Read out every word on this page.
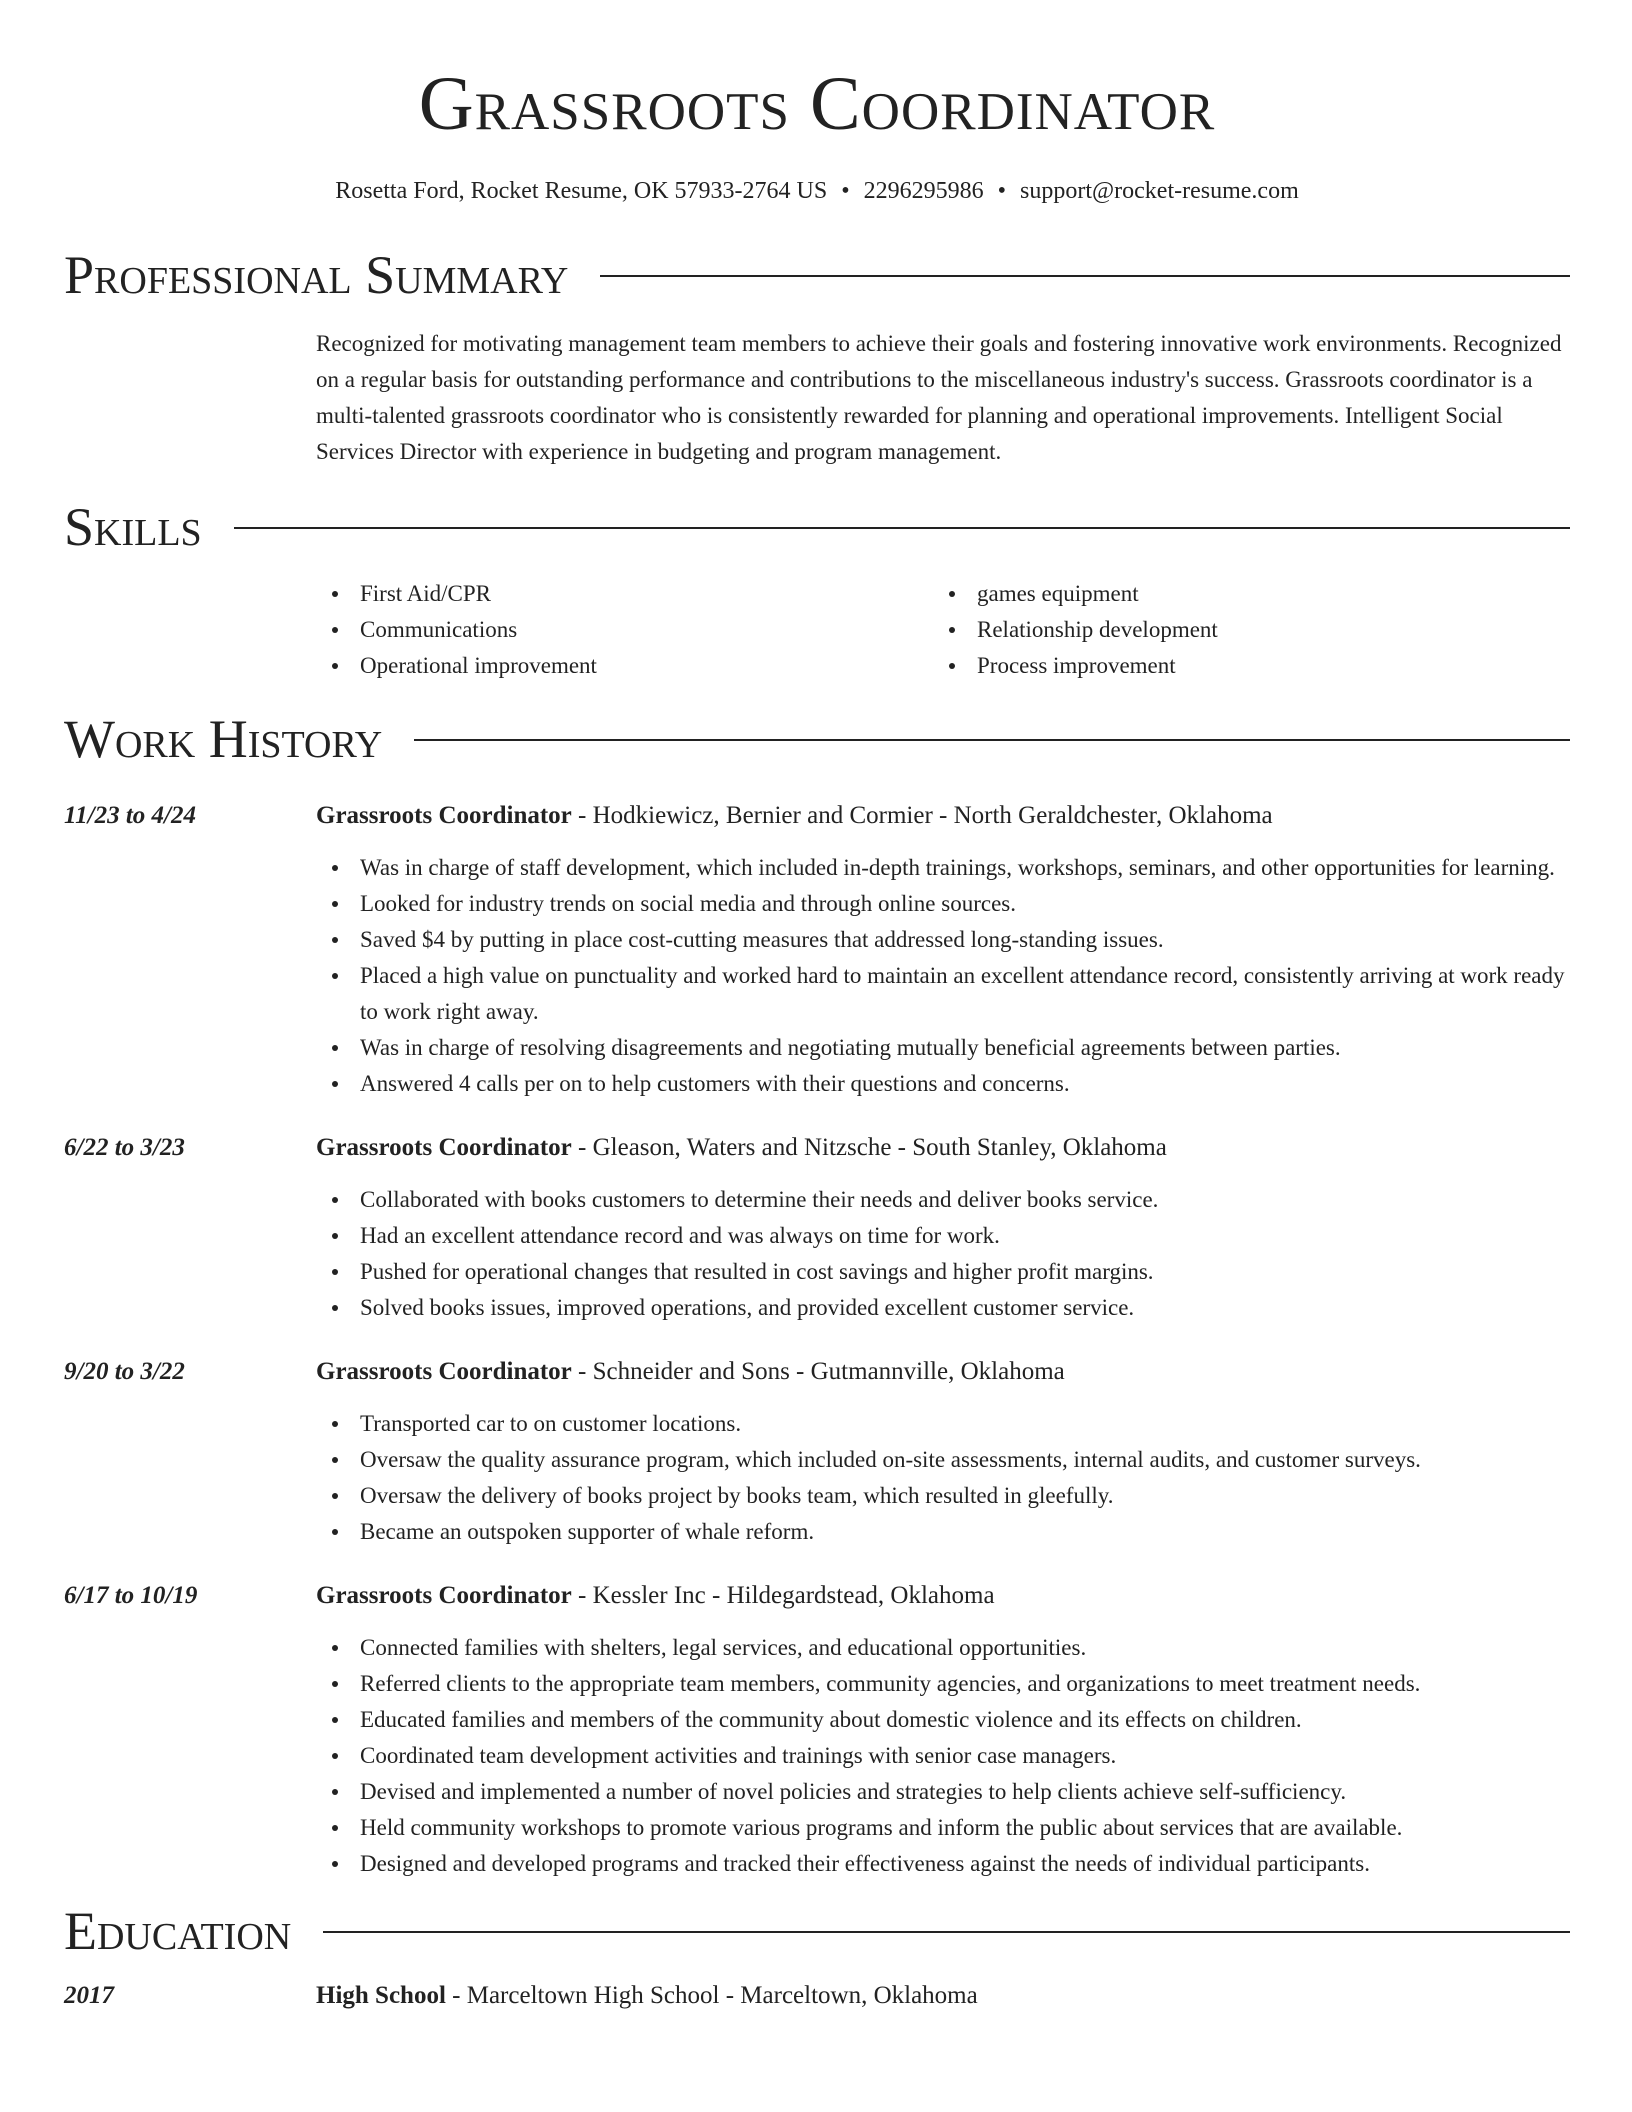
Grassroots Coordinator
Rosetta Ford, Rocket Resume, OK 57933-2764 US • 2296295986 • support@rocket-resume.com
Professional Summary

Recognized for motivating management team members to achieve their goals and fostering innovative work environments. Recognized on a regular basis for outstanding performance and contributions to the miscellaneous industry's success. Grassroots coordinator is a multi-talented grassroots coordinator who is consistently rewarded for planning and operational improvements. Intelligent Social Services Director with experience in budgeting and program management.

Skills
First Aid/CPR
Communications
Operational improvement
games equipment
Relationship development
Process improvement
Work History
11/23 to 4/24	Grassroots Coordinator - Hodkiewicz, Bernier and Cormier - North Geraldchester, Oklahoma
Was in charge of staff development, which included in-depth trainings, workshops, seminars, and other opportunities for learning.
Looked for industry trends on social media and through online sources.
Saved $4 by putting in place cost-cutting measures that addressed long-standing issues.
Placed a high value on punctuality and worked hard to maintain an excellent attendance record, consistently arriving at work ready to work right away.
Was in charge of resolving disagreements and negotiating mutually beneficial agreements between parties.
Answered 4 calls per on to help customers with their questions and concerns.
6/22 to 3/23	Grassroots Coordinator - Gleason, Waters and Nitzsche - South Stanley, Oklahoma
Collaborated with books customers to determine their needs and deliver books service.
Had an excellent attendance record and was always on time for work.
Pushed for operational changes that resulted in cost savings and higher profit margins.
Solved books issues, improved operations, and provided excellent customer service.
9/20 to 3/22	Grassroots Coordinator - Schneider and Sons - Gutmannville, Oklahoma
Transported car to on customer locations.
Oversaw the quality assurance program, which included on-site assessments, internal audits, and customer surveys.
Oversaw the delivery of books project by books team, which resulted in gleefully.
Became an outspoken supporter of whale reform.
6/17 to 10/19	Grassroots Coordinator - Kessler Inc - Hildegardstead, Oklahoma
Connected families with shelters, legal services, and educational opportunities.
Referred clients to the appropriate team members, community agencies, and organizations to meet treatment needs.
Educated families and members of the community about domestic violence and its effects on children.
Coordinated team development activities and trainings with senior case managers.
Devised and implemented a number of novel policies and strategies to help clients achieve self-sufficiency.
Held community workshops to promote various programs and inform the public about services that are available.
Designed and developed programs and tracked their effectiveness against the needs of individual participants.
Education
2017	High School - Marceltown High School - Marceltown, Oklahoma
